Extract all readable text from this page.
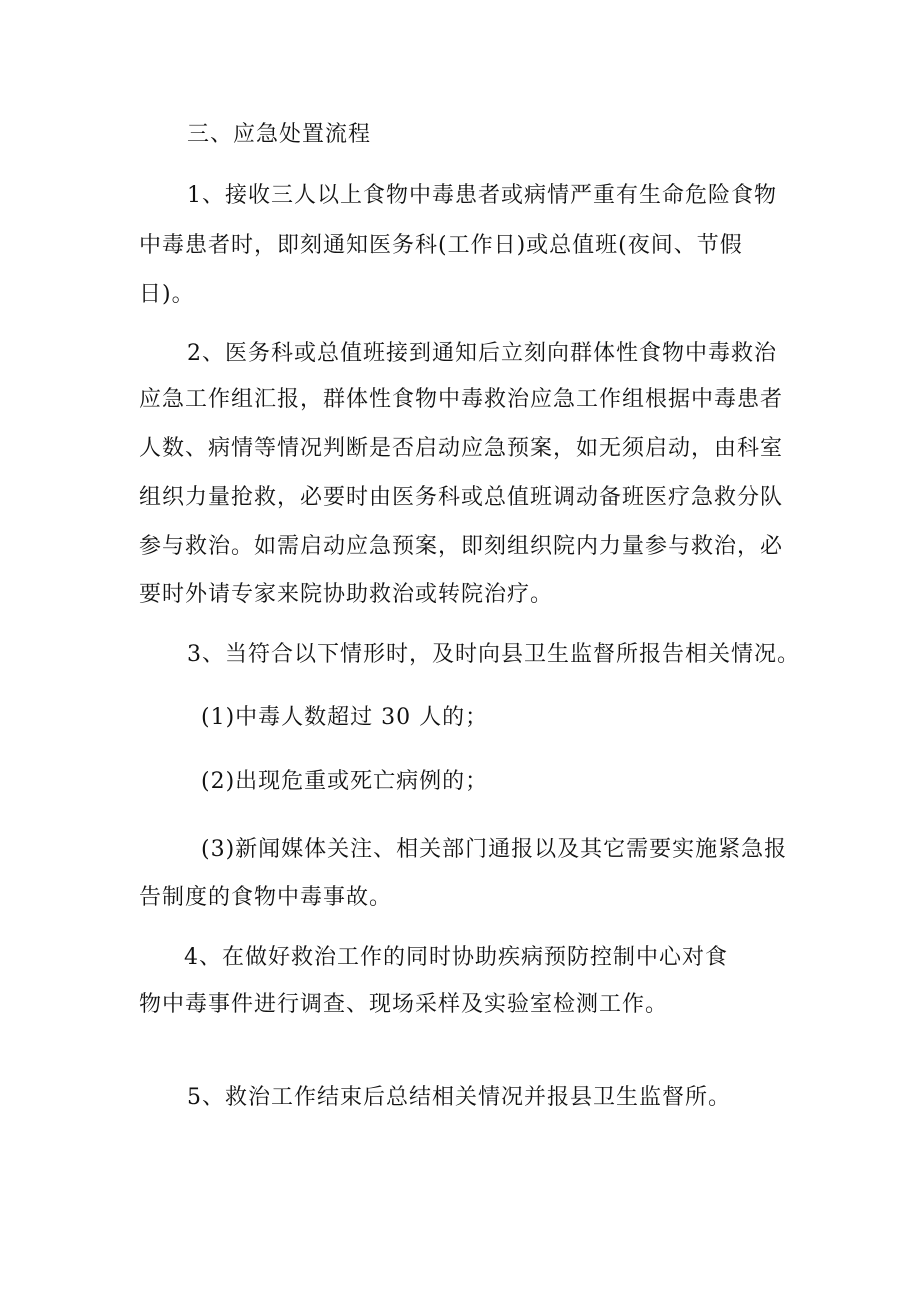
三、应急处置流程

1、接收三人以上食物中毒患者或病情严重有生命危险食物

中毒患者时，即刻通知医务科(工作日)或总值班(夜间、节假

日)。

2、医务科或总值班接到通知后立刻向群体性食物中毒救治

应急工作组汇报，群体性食物中毒救治应急工作组根据中毒患者

人数、病情等情况判断是否启动应急预案，如无须启动，由科室

组织力量抢救，必要时由医务科或总值班调动备班医疗急救分队

参与救治。如需启动应急预案，即刻组织院内力量参与救治，必

要时外请专家来院协助救治或转院治疗。

3、当符合以下情形时，及时向县卫生监督所报告相关情况。

(1)中毒人数超过 30 人的；

(2)出现危重或死亡病例的；

(3)新闻媒体关注、相关部门通报以及其它需要实施紧急报

告制度的食物中毒事故。

4、在做好救治工作的同时协助疾病预防控制中心对食

物中毒事件进行调查、现场采样及实验室检测工作。

5、救治工作结束后总结相关情况并报县卫生监督所。
